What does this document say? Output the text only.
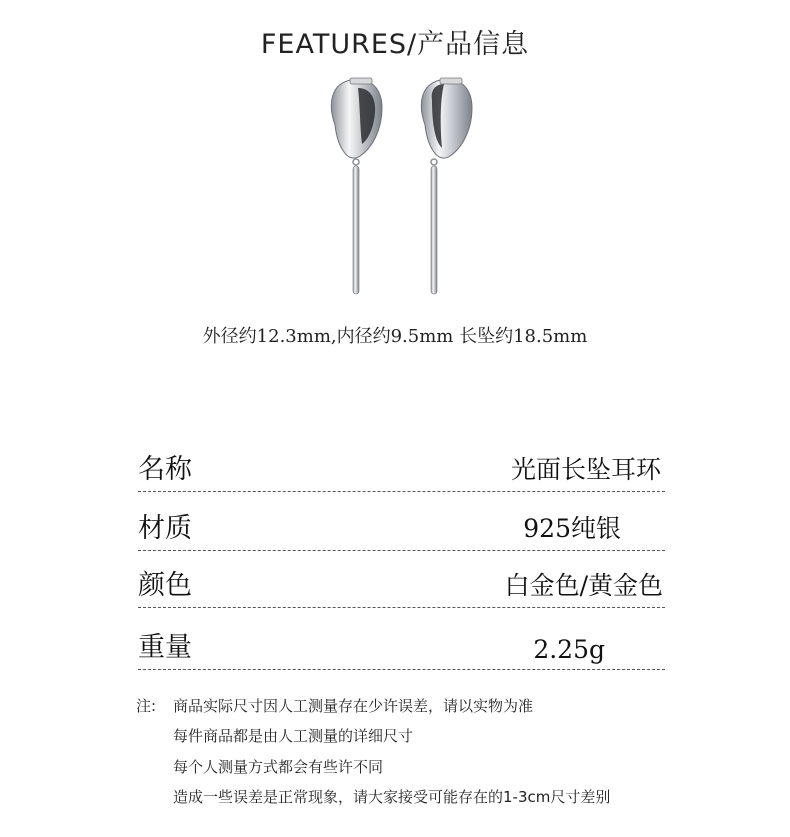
FEATURES/产品信息
外径约12.3mm,内径约9.5mm 长坠约18.5mm
名称	光面长坠耳环
材质	925纯银
颜色	白金色/黄金色
重量	2.25g
注: 商品实际尺寸因人工测量存在少许误差，请以实物为准
每件商品都是由人工测量的详细尺寸
每个人测量方式都会有些许不同
造成一些误差是正常现象，请大家接受可能存在的1-3cm尺寸差别
